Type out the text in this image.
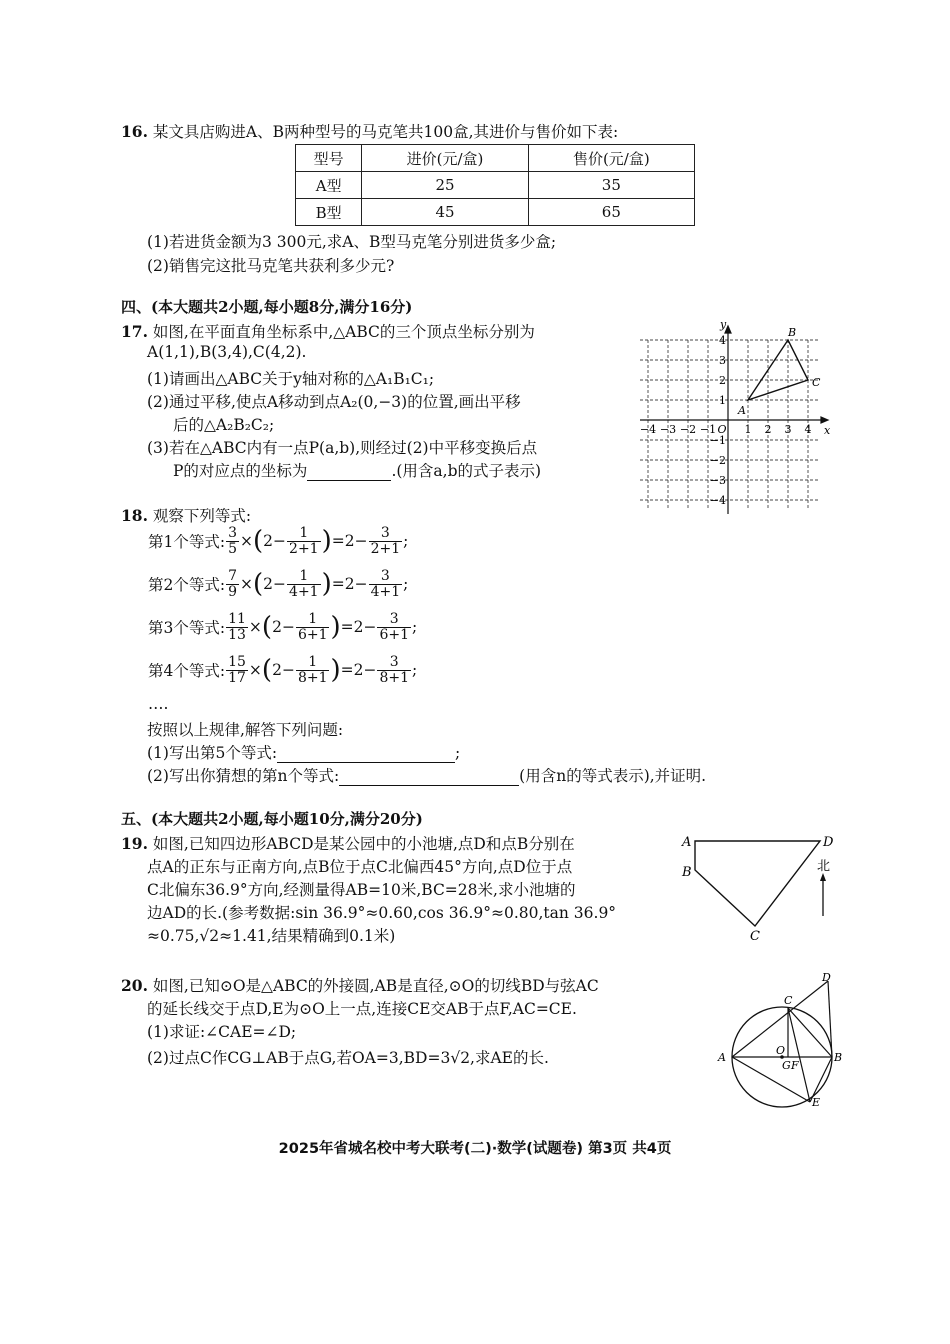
16. 某文具店购进A、B两种型号的马克笔共100盒,其进价与售价如下表:
型号	进价(元/盒)	售价(元/盒)
A型	25	35
B型	45	65
(1)若进货金额为3 300元,求A、B型马克笔分别进货多少盒;
(2)销售完这批马克笔共获利多少元?
四、(本大题共2小题,每小题8分,满分16分)
17. 如图,在平面直角坐标系中,△ABC的三个顶点坐标分别为
A(1,1),B(3,4),C(4,2).
(1)请画出△ABC关于y轴对称的△A₁B₁C₁;
(2)通过平移,使点A移动到点A₂(0,−3)的位置,画出平移
后的△A₂B₂C₂;
(3)若在△ABC内有一点P(a,b),则经过(2)中平移变换后点
P的对应点的坐标为	.(用含a,b的式子表示)
x
y
−4 −3 −2 −1 O 1 2 3 4
4
3
2
1
−1
−2
−3
−4
A
B
C
18. 观察下列等式:
第1个等式: $\frac{3}{5}$ × ( $2- \frac{1}{2+1}$ ) $=2- \frac{3}{2+1}$ ;
第2个等式: $\frac{7}{9}$ × ( $2- \frac{1}{4+1}$ ) $=2- \frac{3}{4+1}$ ;
第3个等式: $\frac{11}{13}$ × ( $2- \frac{1}{6+1}$ ) $=2- \frac{3}{6+1}$ ;
第4个等式: $\frac{15}{17}$ × ( $2- \frac{1}{8+1}$ ) $=2- \frac{3}{8+1}$ ;
….
按照以上规律,解答下列问题:
(1)写出第5个等式:	;
(2)写出你猜想的第n个等式:	(用含n的等式表示),并证明.
五、(本大题共2小题,每小题10分,满分20分)
19. 如图,已知四边形ABCD是某公园中的小池塘,点D和点B分别在
点A的正东与正南方向,点B位于点C北偏西45°方向,点D位于点
C北偏东36.9°方向,经测量得AB=10米,BC=28米,求小池塘的
边AD的长.(参考数据:sin 36.9°≈0.60,cos 36.9°≈0.80,tan 36.9°
≈0.75,√2≈1.41,结果精确到0.1米)
A	D
B
C
北
20. 如图,已知⊙O是△ABC的外接圆,AB是直径,⊙O的切线BD与弦AC
的延长线交于点D,E为⊙O上一点,连接CE交AB于点F,AC=CE.
(1)求证:∠CAE=∠D;
(2)过点C作CG⊥AB于点G,若OA=3,BD=3√2,求AE的长.	A	B
C
D
E
O
G F
2025年省城名校中考大联考(二)·数学(试题卷) 第3页 共4页
